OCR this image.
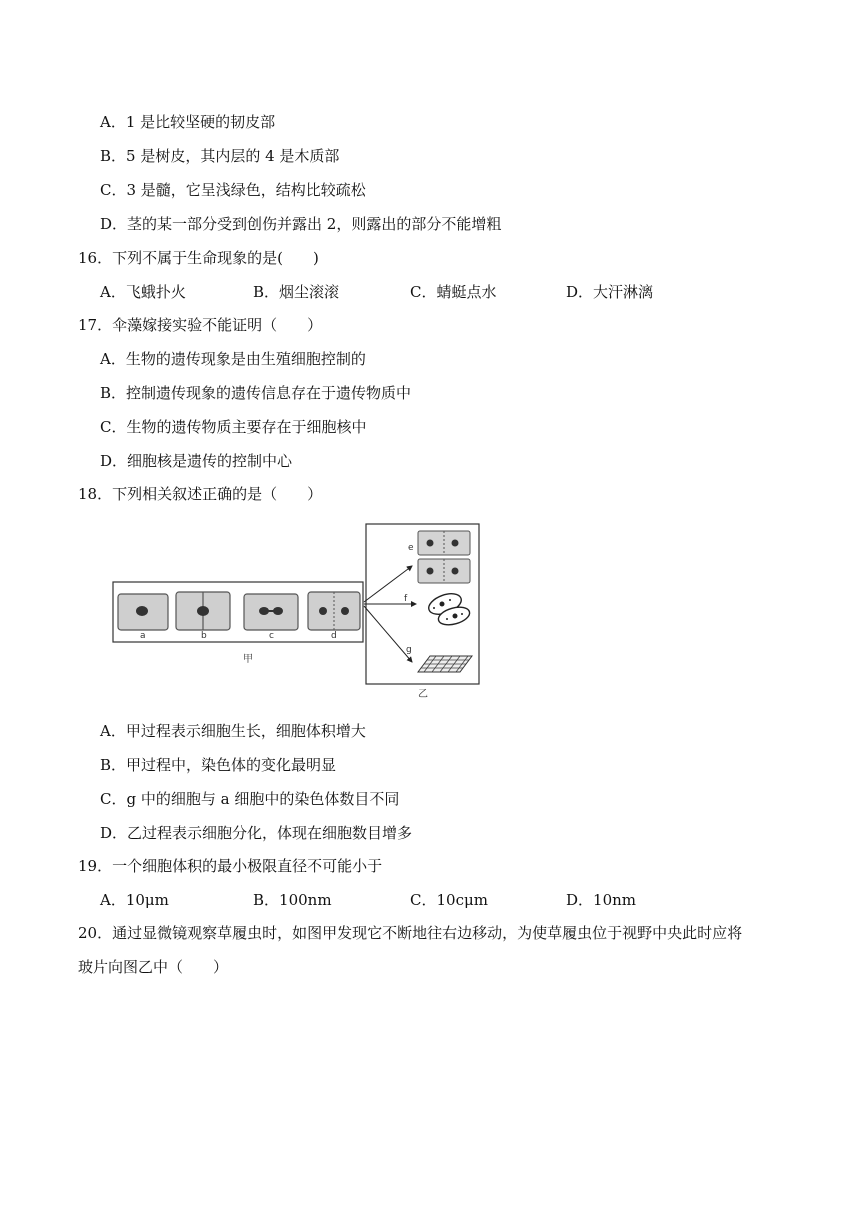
A．1 是比较坚硬的韧皮部
B．5 是树皮，其内层的 4 是木质部
C．3 是髓，它呈浅绿色，结构比较疏松
D．茎的某一部分受到创伤并露出 2，则露出的部分不能增粗
16．下列不属于生命现象的是(　　)
A．飞蛾扑火	B．烟尘滚滚	C．蜻蜓点水	D．大汗淋漓
17．伞藻嫁接实验不能证明（　　）
A．生物的遗传现象是由生殖细胞控制的
B．控制遗传现象的遗传信息存在于遗传物质中
C．生物的遗传物质主要存在于细胞核中
D．细胞核是遗传的控制中心
18．下列相关叙述正确的是（　　）
a	b	c	d
甲
e
f
g
乙
A．甲过程表示细胞生长，细胞体积增大
B．甲过程中，染色体的变化最明显
C．g 中的细胞与 a 细胞中的染色体数目不同
D．乙过程表示细胞分化，体现在细胞数目增多
19．一个细胞体积的最小极限直径不可能小于
A．10μm	B．100nm	C．10cμm	D．10nm
20．通过显微镜观察草履虫时，如图甲发现它不断地往右边移动，为使草履虫位于视野中央此时应将
玻片向图乙中（　　）
